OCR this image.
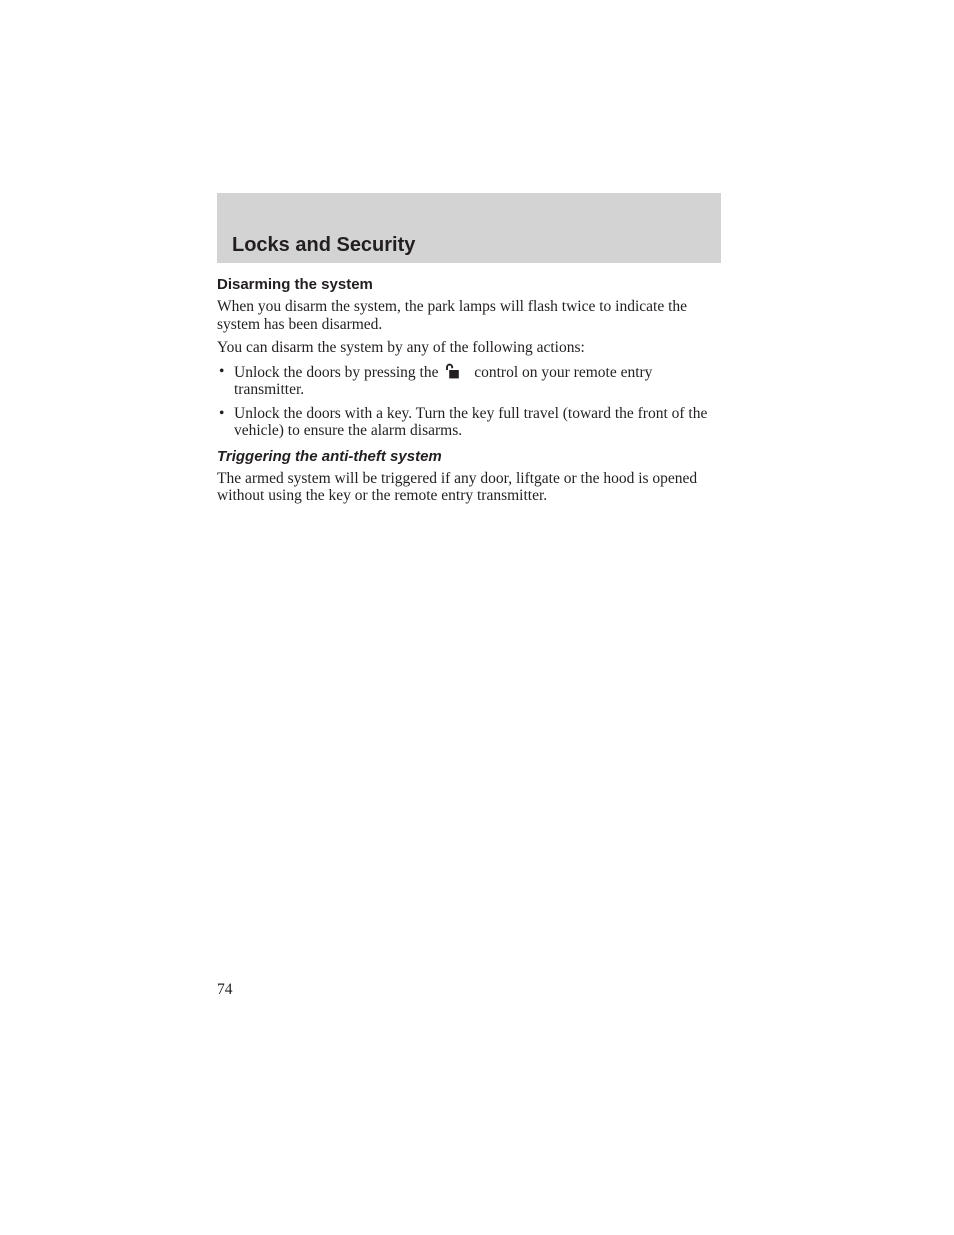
Locks and Security
Disarming the system

When you disarm the system, the park lamps will flash twice to indicate the system has been disarmed.

You can disarm the system by any of the following actions:

• Unlock the doors by pressing the control on your remote entry transmitter.
• Unlock the doors with a key. Turn the key full travel (toward the front of the vehicle) to ensure the alarm disarms.
Triggering the anti-theft system

The armed system will be triggered if any door, liftgate or the hood is opened without using the key or the remote entry transmitter.

74
